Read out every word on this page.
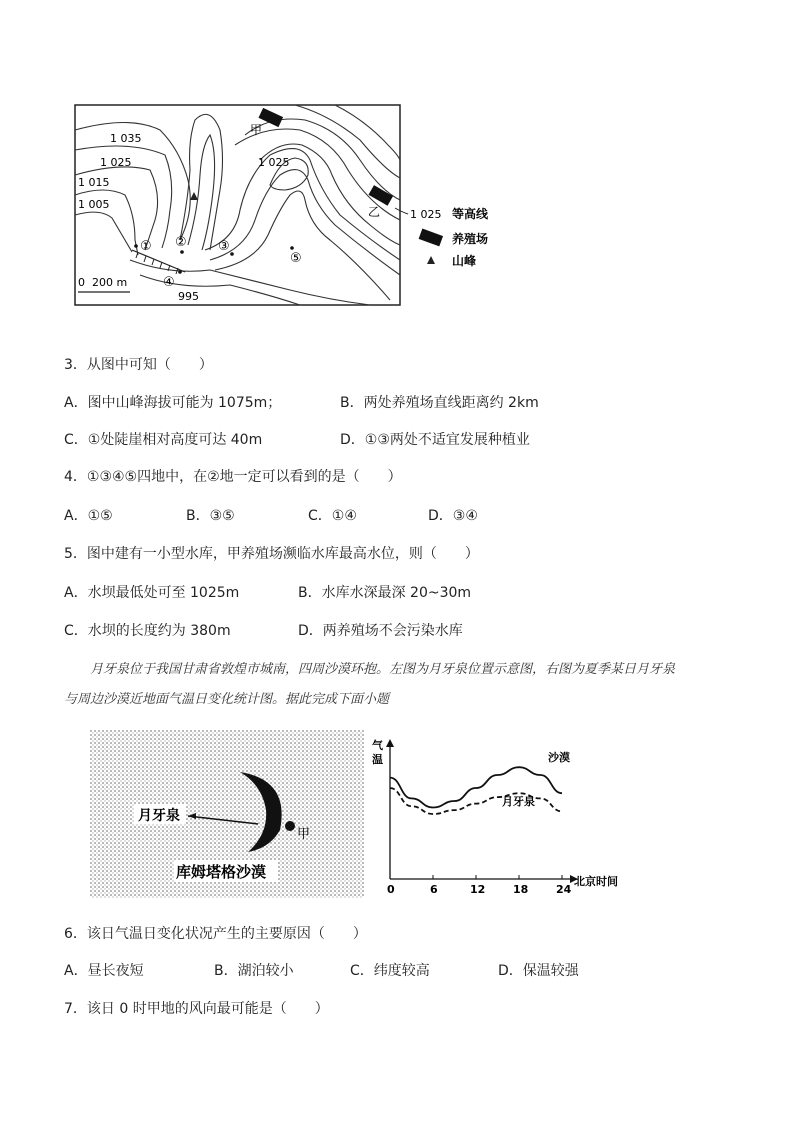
1 035
1 025
1 015
1 005
1 025
995
甲
乙
① ② ③
④
⑤
0  200 m
1 025 等高线
养殖场
山峰
3．从图中可知（　　）
A．图中山峰海拔可能为 1075m；	B．两处养殖场直线距离约 2km
C．①处陡崖相对高度可达 40m	D．①③两处不适宜发展种植业
4．①③④⑤四地中，在②地一定可以看到的是（　　）
A．①⑤	B．③⑤	C．①④	D．③④
5．图中建有一小型水库，甲养殖场濒临水库最高水位，则（　　）
A．水坝最低处可至 1025m	B．水库水深最深 20~30m
C．水坝的长度约为 380m	D．两养殖场不会污染水库

月牙泉位于我国甘肃省敦煌市城南，四周沙漠环抱。左图为月牙泉位置示意图，右图为夏季某日月牙泉

与周边沙漠近地面气温日变化统计图。据此完成下面小题

月牙泉
甲
库姆塔格沙漠
气
温
北京时间
0	6	12	18	24
沙漠
月牙泉
6．该日气温日变化状况产生的主要原因（　　）
A．昼长夜短	B．湖泊较小	C．纬度较高	D．保温较强
7．该日 0 时甲地的风向最可能是（　　）
